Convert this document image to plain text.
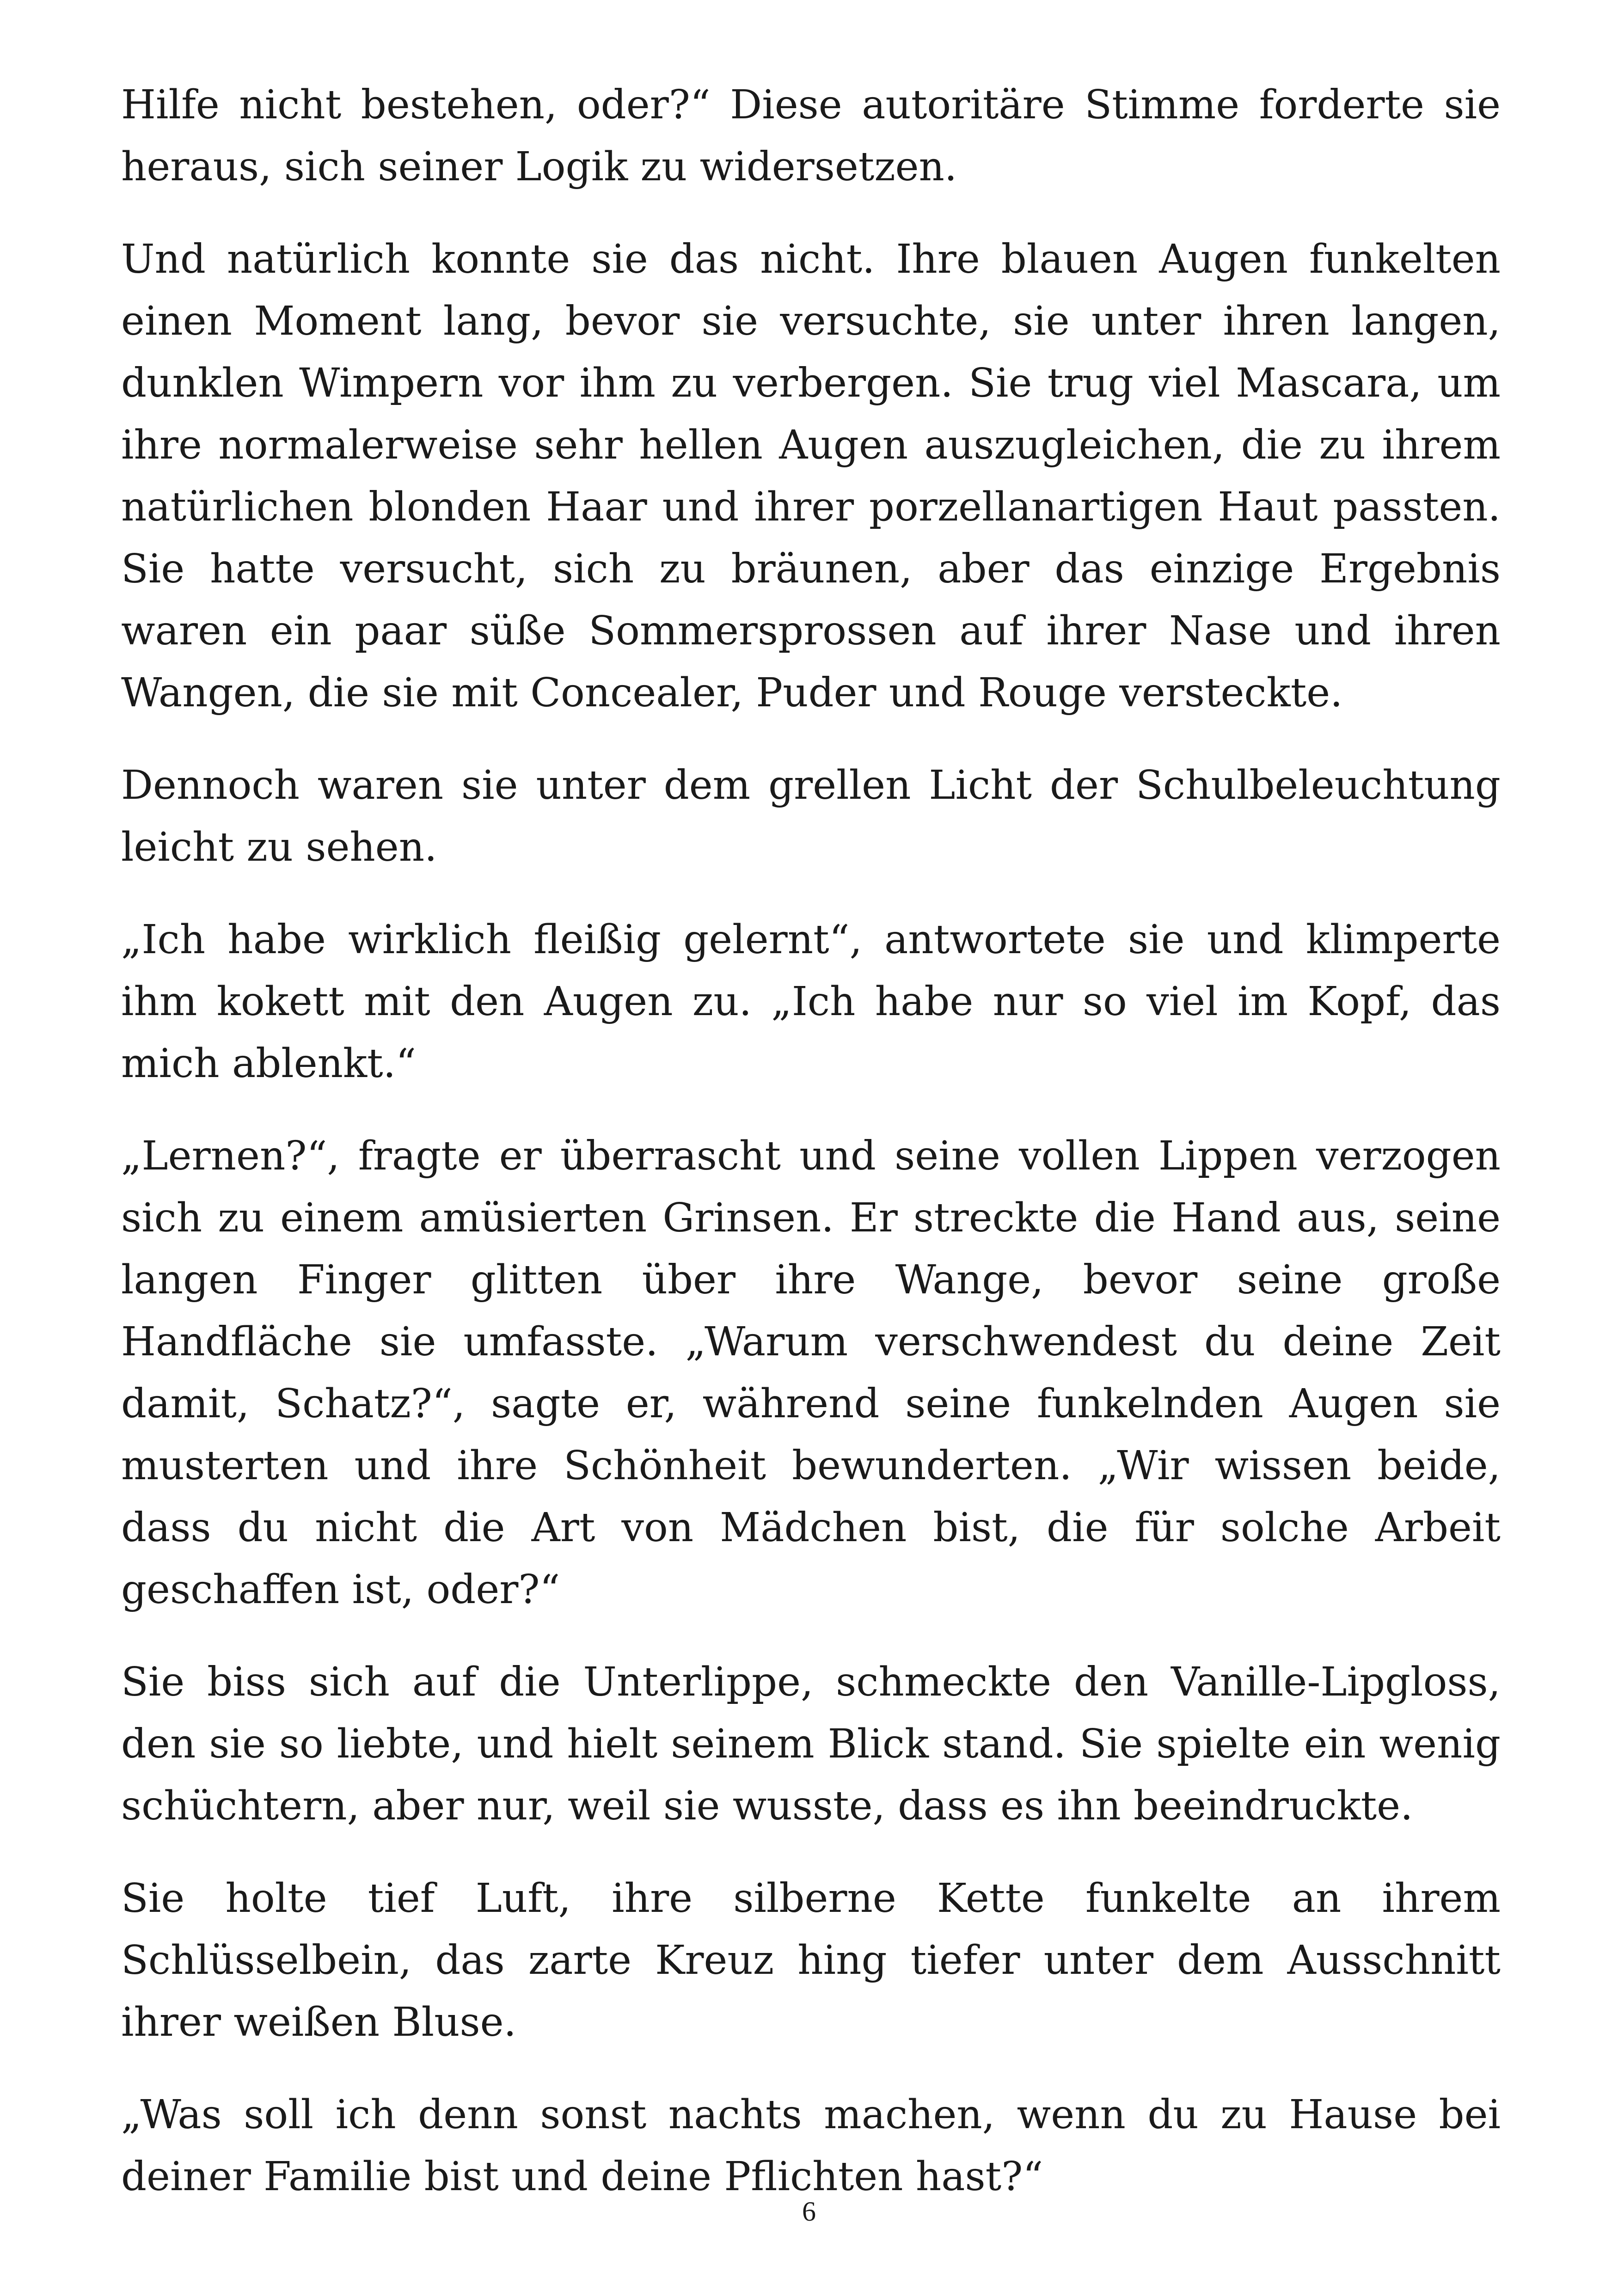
Hilfe nicht bestehen, oder?“ Diese autoritäre Stimme forderte sie heraus, sich seiner Logik zu widersetzen.

Und natürlich konnte sie das nicht. Ihre blauen Augen funkelten einen Moment lang, bevor sie versuchte, sie unter ihren langen, dunklen Wimpern vor ihm zu verbergen. Sie trug viel Mascara, um ihre normalerweise sehr hellen Augen auszugleichen, die zu ihrem natürlichen blonden Haar und ihrer porzellanartigen Haut passten. Sie hatte versucht, sich zu bräunen, aber das einzige Ergebnis waren ein paar süße Sommersprossen auf ihrer Nase und ihren Wangen, die sie mit Concealer, Puder und Rouge versteckte.

Dennoch waren sie unter dem grellen Licht der Schulbeleuchtung leicht zu sehen.

„Ich habe wirklich fleißig gelernt“, antwortete sie und klimperte ihm kokett mit den Augen zu. „Ich habe nur so viel im Kopf, das mich ablenkt.“

„Lernen?“, fragte er überrascht und seine vollen Lippen verzogen sich zu einem amüsierten Grinsen. Er streckte die Hand aus, seine langen Finger glitten über ihre Wange, bevor seine große Handfläche sie umfasste. „Warum verschwendest du deine Zeit damit, Schatz?“, sagte er, während seine funkelnden Augen sie musterten und ihre Schönheit bewunderten. „Wir wissen beide, dass du nicht die Art von Mädchen bist, die für solche Arbeit geschaffen ist, oder?“

Sie biss sich auf die Unterlippe, schmeckte den Vanille-Lipgloss, den sie so liebte, und hielt seinem Blick stand. Sie spielte ein wenig schüchtern, aber nur, weil sie wusste, dass es ihn beeindruckte.

Sie holte tief Luft, ihre silberne Kette funkelte an ihrem Schlüsselbein, das zarte Kreuz hing tiefer unter dem Ausschnitt ihrer weißen Bluse.

„Was soll ich denn sonst nachts machen, wenn du zu Hause bei deiner Familie bist und deine Pflichten hast?“

6
